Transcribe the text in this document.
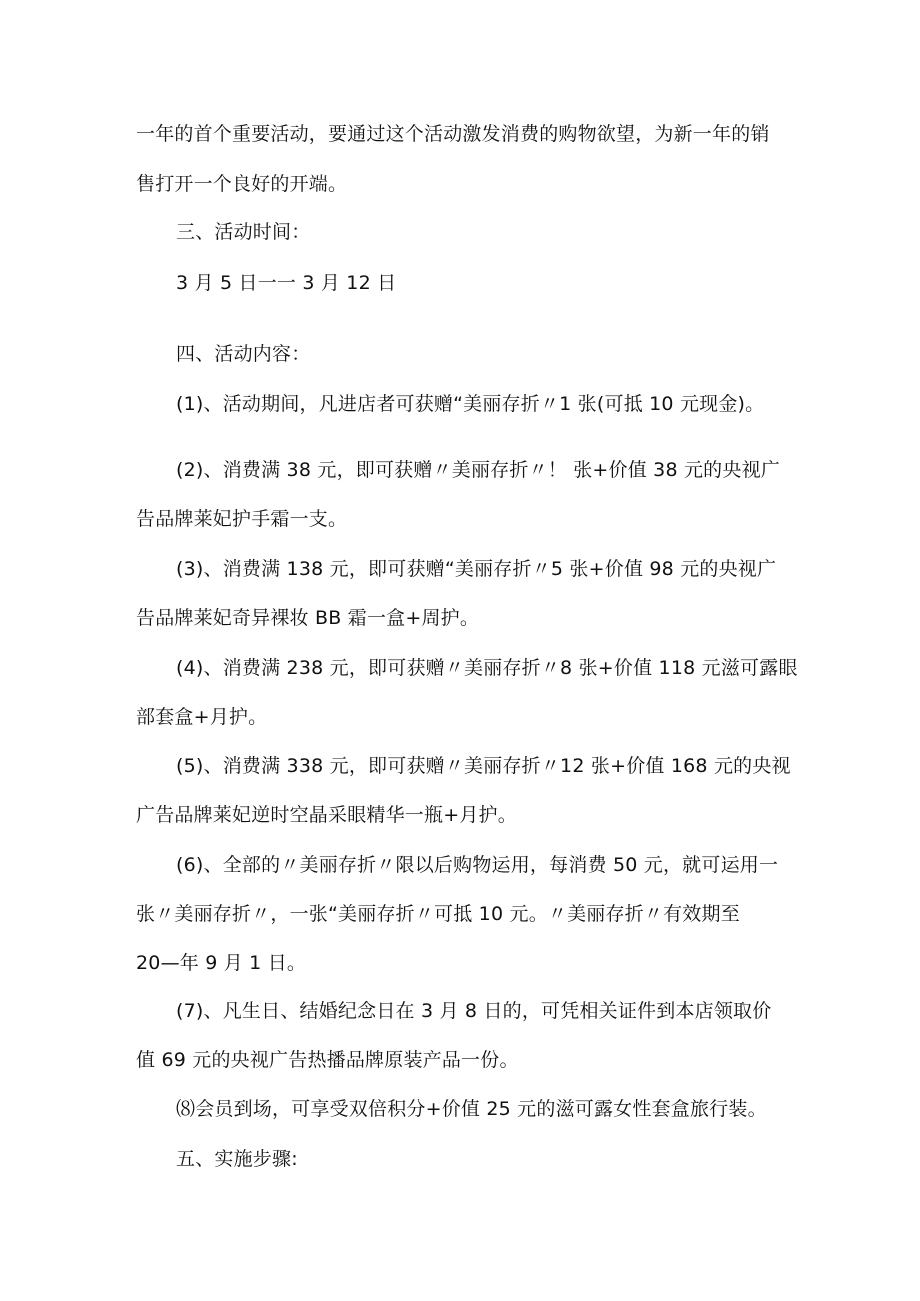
一年的首个重要活动，要通过这个活动激发消费的购物欲望，为新一年的销
售打开一个良好的开端。
三、活动时间：
3 月 5 日一一 3 月 12 日
四、活动内容：
(1)、活动期间，凡进店者可获赠“美丽存折〃1 张(可抵 10 元现金)。
(2)、消费满 38 元，即可获赠〃美丽存折〃！ 张+价值 38 元的央视广
告品牌莱妃护手霜一支。
(3)、消费满 138 元，即可获赠“美丽存折〃5 张+价值 98 元的央视广
告品牌莱妃奇异裸妆 BB 霜一盒+周护。
(4)、消费满 238 元，即可获赠〃美丽存折〃8 张+价值 118 元滋可露眼
部套盒+月护。
(5)、消费满 338 元，即可获赠〃美丽存折〃12 张+价值 168 元的央视
广告品牌莱妃逆时空晶采眼精华一瓶+月护。
(6)、全部的〃美丽存折〃限以后购物运用，每消费 50 元，就可运用一
张〃美丽存折〃，一张“美丽存折〃可抵 10 元。〃美丽存折〃有效期至
20—年 9 月 1 日。
(7)、凡生日、结婚纪念日在 3 月 8 日的，可凭相关证件到本店领取价
值 69 元的央视广告热播品牌原装产品一份。
⑻会员到场，可享受双倍积分+价值 25 元的滋可露女性套盒旅行装。
五、实施步骤:
